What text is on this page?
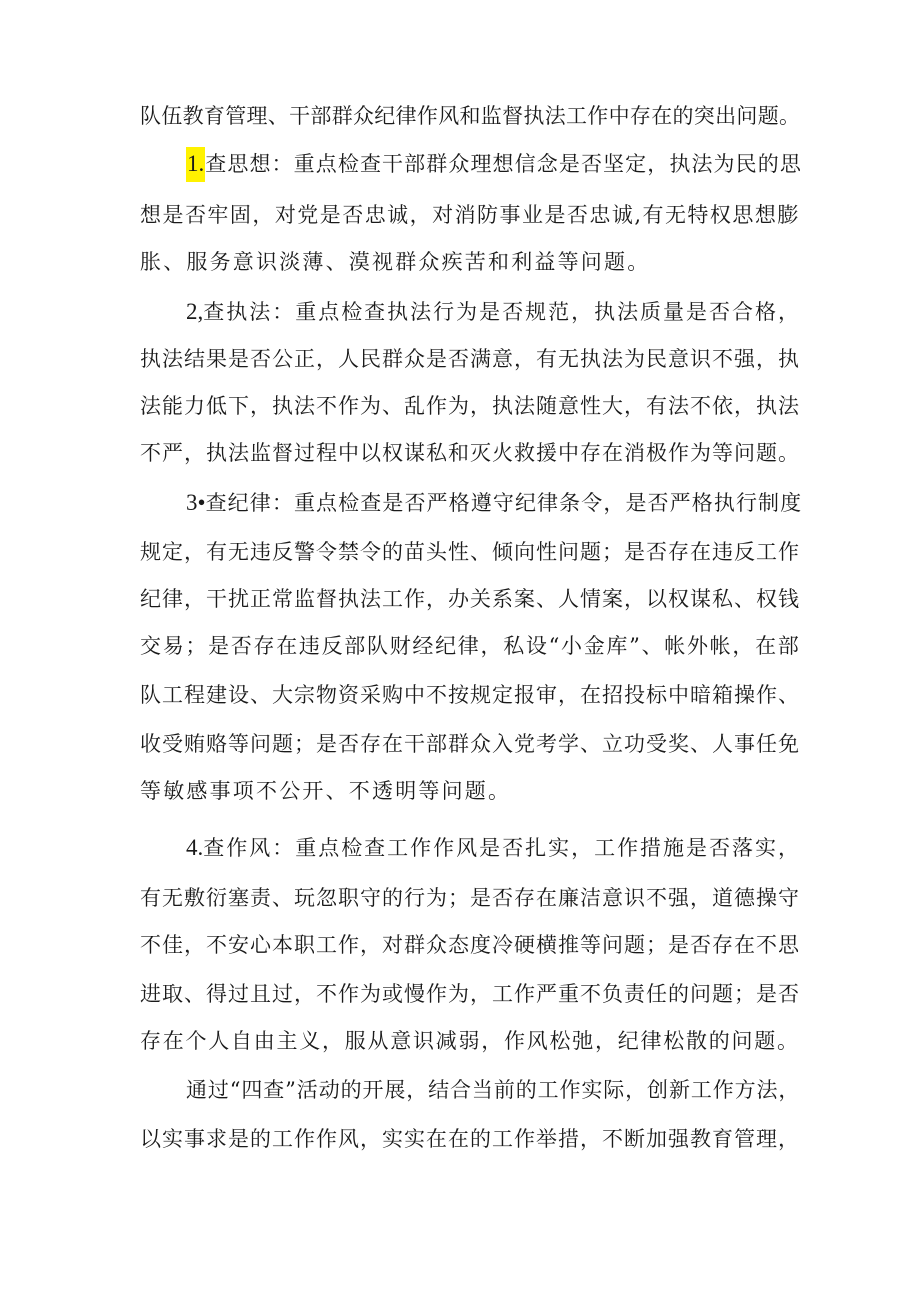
队伍教育管理、干部群众纪律作风和监督执法工作中存在的突出问题。

1.查思想：重点检查干部群众理想信念是否坚定，执法为民的思

想是否牢固，对党是否忠诚，对消防事业是否忠诚,有无特权思想膨

胀、服务意识淡薄、漠视群众疾苦和利益等问题。

2,查执法：重点检查执法行为是否规范，执法质量是否合格，

执法结果是否公正，人民群众是否满意，有无执法为民意识不强，执

法能力低下，执法不作为、乱作为，执法随意性大，有法不依，执法

不严，执法监督过程中以权谋私和灭火救援中存在消极作为等问题。

3•查纪律：重点检查是否严格遵守纪律条令，是否严格执行制度

规定，有无违反警令禁令的苗头性、倾向性问题；是否存在违反工作

纪律，干扰正常监督执法工作，办关系案、人情案，以权谋私、权钱

交易；是否存在违反部队财经纪律，私设“小金库”、帐外帐，在部

队工程建设、大宗物资采购中不按规定报审，在招投标中暗箱操作、

收受贿赂等问题；是否存在干部群众入党考学、立功受奖、人事任免

等敏感事项不公开、不透明等问题。

4.查作风：重点检查工作作风是否扎实，工作措施是否落实，

有无敷衍塞责、玩忽职守的行为；是否存在廉洁意识不强，道德操守

不佳，不安心本职工作，对群众态度冷硬横推等问题；是否存在不思

进取、得过且过，不作为或慢作为，工作严重不负责任的问题；是否

存在个人自由主义，服从意识减弱，作风松弛，纪律松散的问题。

通过“四查”活动的开展，结合当前的工作实际，创新工作方法，

以实事求是的工作作风，实实在在的工作举措，不断加强教育管理，
